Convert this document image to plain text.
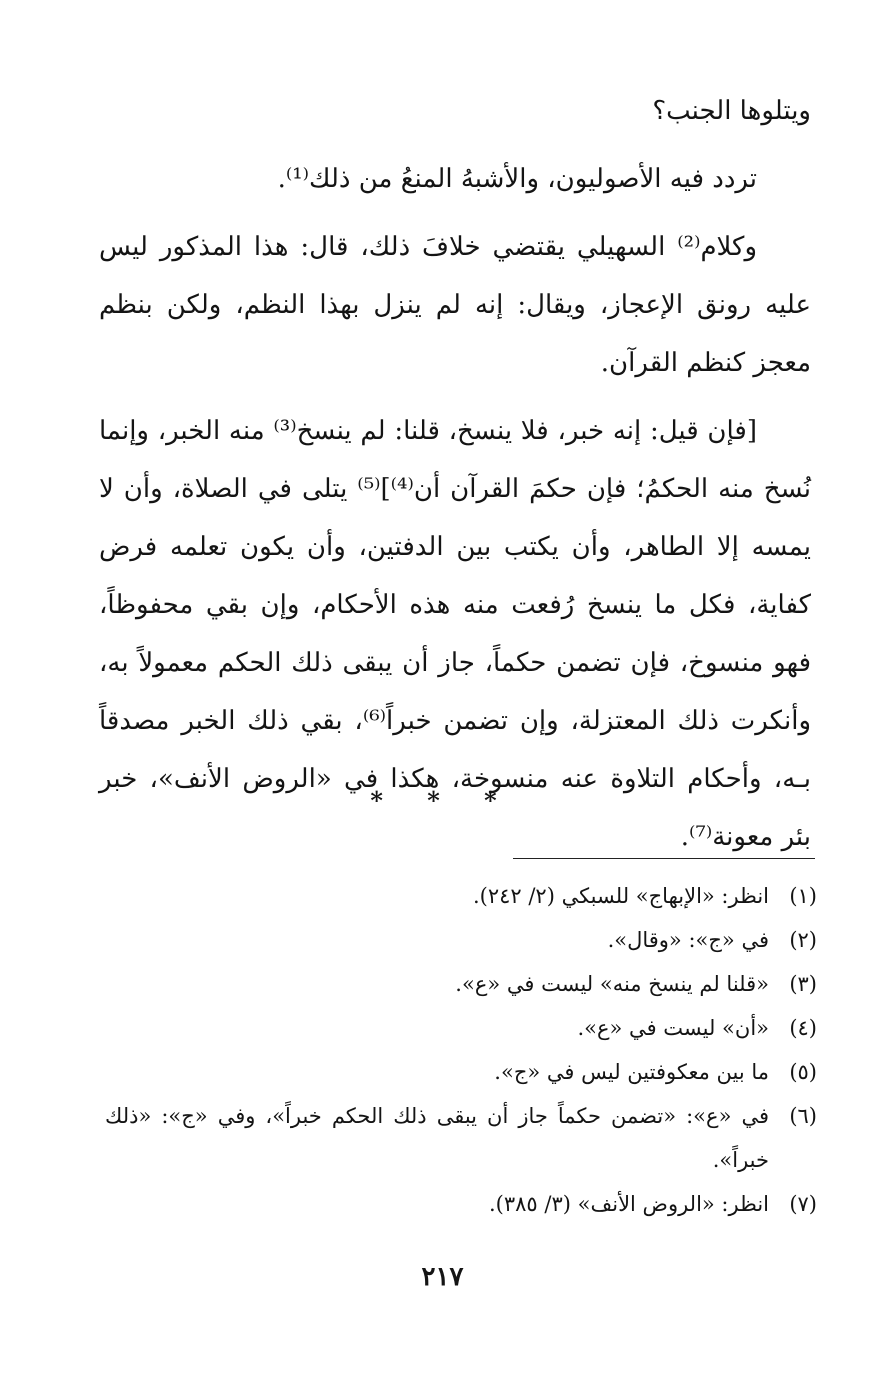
ويتلوها الجنب؟

تردد فيه الأصوليون، والأشبهُ المنعُ من ذلك⁽¹⁾.

وكلام⁽²⁾ السهيلي يقتضي خلافَ ذلك، قال: هذا المذكور ليس عليه رونق الإعجاز، ويقال: إنه لم ينزل بهذا النظم، ولكن بنظم معجز كنظم القرآن.

[فإن قيل: إنه خبر، فلا ينسخ، قلنا: لم ينسخ⁽³⁾ منه الخبر، وإنما نُسخ منه الحكمُ؛ فإن حكمَ القرآن أن⁽⁴⁾]⁽⁵⁾ يتلى في الصلاة، وأن لا يمسه إلا الطاهر، وأن يكتب بين الدفتين، وأن يكون تعلمه فرض كفاية، فكل ما ينسخ رُفعت منه هذه الأحكام، وإن بقي محفوظاً، فهو منسوخ، فإن تضمن حكماً، جاز أن يبقى ذلك الحكم معمولاً به، وأنكرت ذلك المعتزلة، وإن تضمن خبراً⁽⁶⁾، بقي ذلك الخبر مصدقاً بـه، وأحكام التلاوة عنه منسوخة، هكذا في «الروض الأنف»، خبر بئر معونة⁽⁷⁾.

* * *
(١)
انظر: «الإبهاج» للسبكي (٢/ ٢٤٢).
(٢)
في «ج»: «وقال».
(٣)
«قلنا لم ينسخ منه» ليست في «ع».
(٤)
«أن» ليست في «ع».
(٥)
ما بين معكوفتين ليس في «ج».
(٦)
في «ع»: «تضمن حكماً جاز أن يبقى ذلك الحكم خبراً»، وفي «ج»: «ذلك خبراً».
(٧)
انظر: «الروض الأنف» (٣/ ٣٨٥).
٢١٧
